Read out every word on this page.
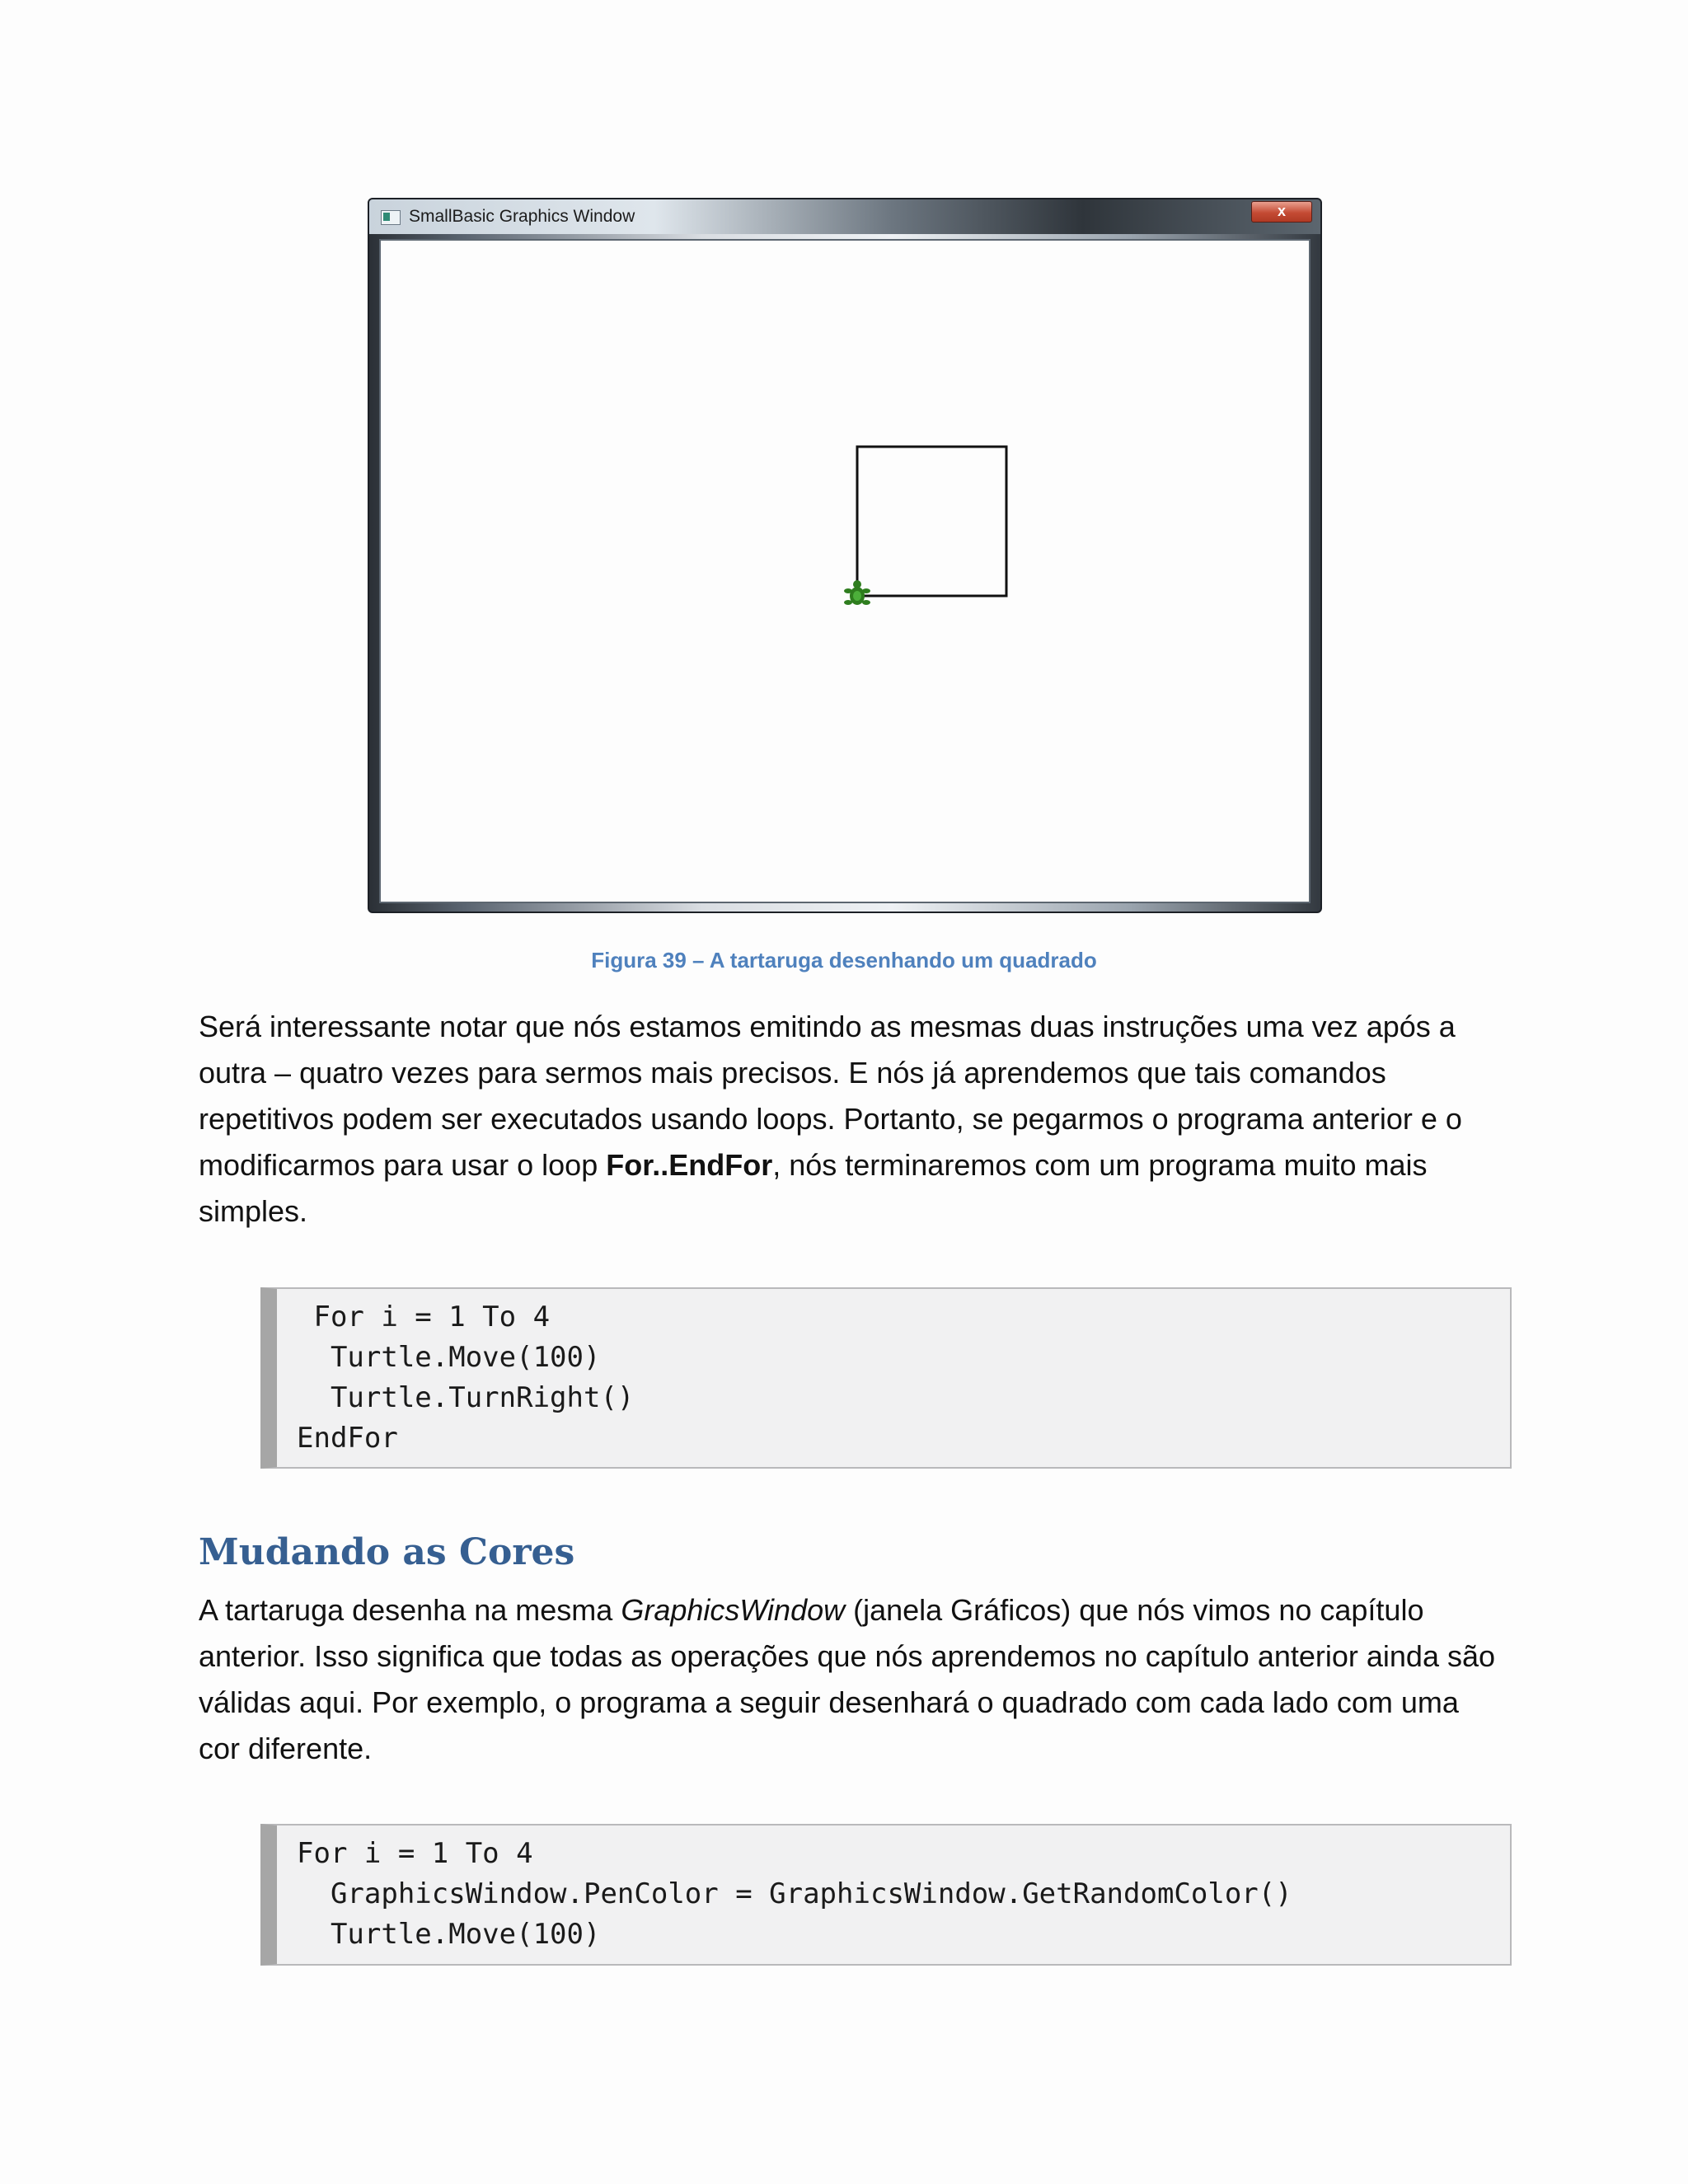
SmallBasic Graphics Window	x
Figura 39 – A tartaruga desenhando um quadrado

Será interessante notar que nós estamos emitindo as mesmas duas instruções uma vez após a outra – quatro vezes para sermos mais precisos. E nós já aprendemos que tais comandos repetitivos podem ser executados usando loops. Portanto, se pegarmos o programa anterior e o modificarmos para usar o loop For..EndFor, nós terminaremos com um programa muito mais simples.

For i = 1 To 4
Turtle.Move(100)
Turtle.TurnRight()
EndFor
Mudando as Cores

A tartaruga desenha na mesma GraphicsWindow (janela Gráficos) que nós vimos no capítulo anterior. Isso significa que todas as operações que nós aprendemos no capítulo anterior ainda são válidas aqui. Por exemplo, o programa a seguir desenhará o quadrado com cada lado com uma cor diferente.

For i = 1 To 4
GraphicsWindow.PenColor = GraphicsWindow.GetRandomColor()
Turtle.Move(100)
